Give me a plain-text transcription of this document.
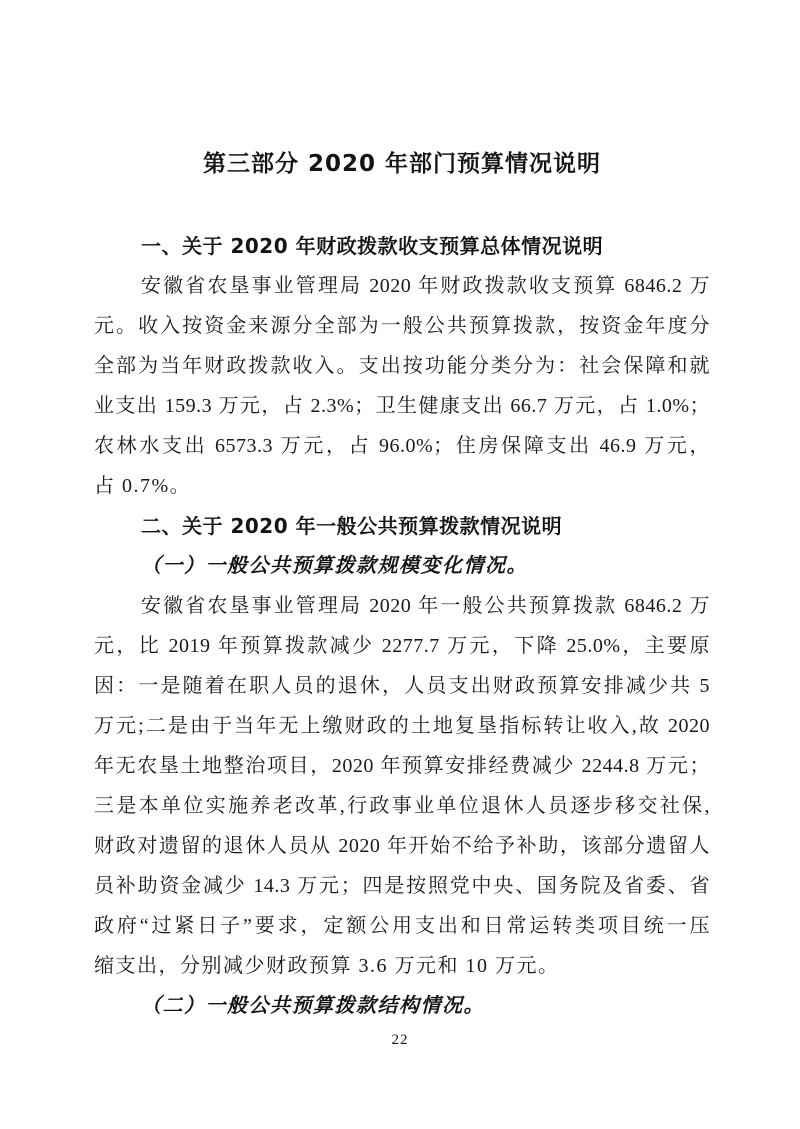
第三部分 2020 年部门预算情况说明
一、关于 2020 年财政拨款收支预算总体情况说明
安徽省农垦事业管理局 2020 年财政拨款收支预算 6846.2 万
元。收入按资金来源分全部为一般公共预算拨款，按资金年度分
全部为当年财政拨款收入。支出按功能分类分为：社会保障和就
业支出 159.3 万元，占 2.3%；卫生健康支出 66.7 万元，占 1.0%；
农林水支出 6573.3 万元，占 96.0%；住房保障支出 46.9 万元，
占 0.7%。
二、关于 2020 年一般公共预算拨款情况说明
（一）一般公共预算拨款规模变化情况。
安徽省农垦事业管理局 2020 年一般公共预算拨款 6846.2 万
元，比 2019 年预算拨款减少 2277.7 万元，下降 25.0%，主要原
因：一是随着在职人员的退休，人员支出财政预算安排减少共 5
万元;二是由于当年无上缴财政的土地复垦指标转让收入,故 2020
年无农垦土地整治项目，2020 年预算安排经费减少 2244.8 万元；
三是本单位实施养老改革,行政事业单位退休人员逐步移交社保,
财政对遗留的退休人员从 2020 年开始不给予补助，该部分遗留人
员补助资金减少 14.3 万元；四是按照党中央、国务院及省委、省
政府“过紧日子”要求，定额公用支出和日常运转类项目统一压
缩支出，分别减少财政预算 3.6 万元和 10 万元。
（二）一般公共预算拨款结构情况。
22
